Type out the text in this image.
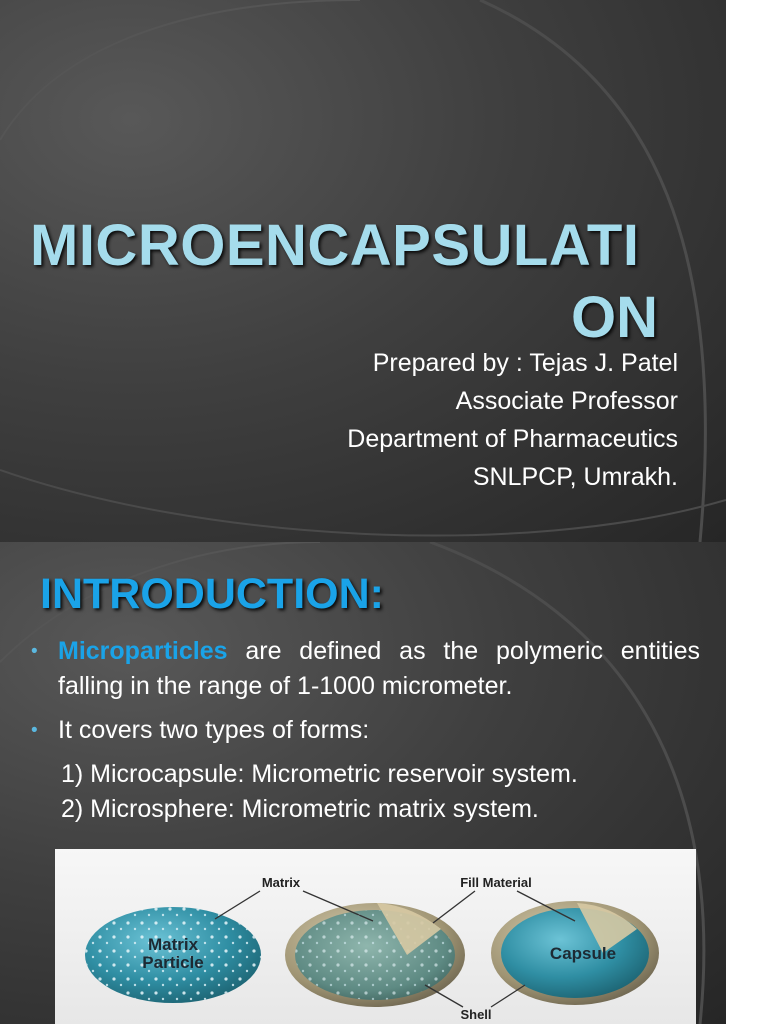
MICROENCAPSULATI
ON
Prepared by : Tejas J. Patel
Associate Professor
Department of Pharmaceutics
SNLPCP, Umrakh.
INTRODUCTION:
• Microparticles are defined as the polymeric entities falling in the range of 1-1000 micrometer.
• It covers two types of forms:
1) Microcapsule: Micrometric reservoir system.
2) Microsphere: Micrometric matrix system.
Matrix
Particle	Capsule
Matrix	Fill Material
Shell
